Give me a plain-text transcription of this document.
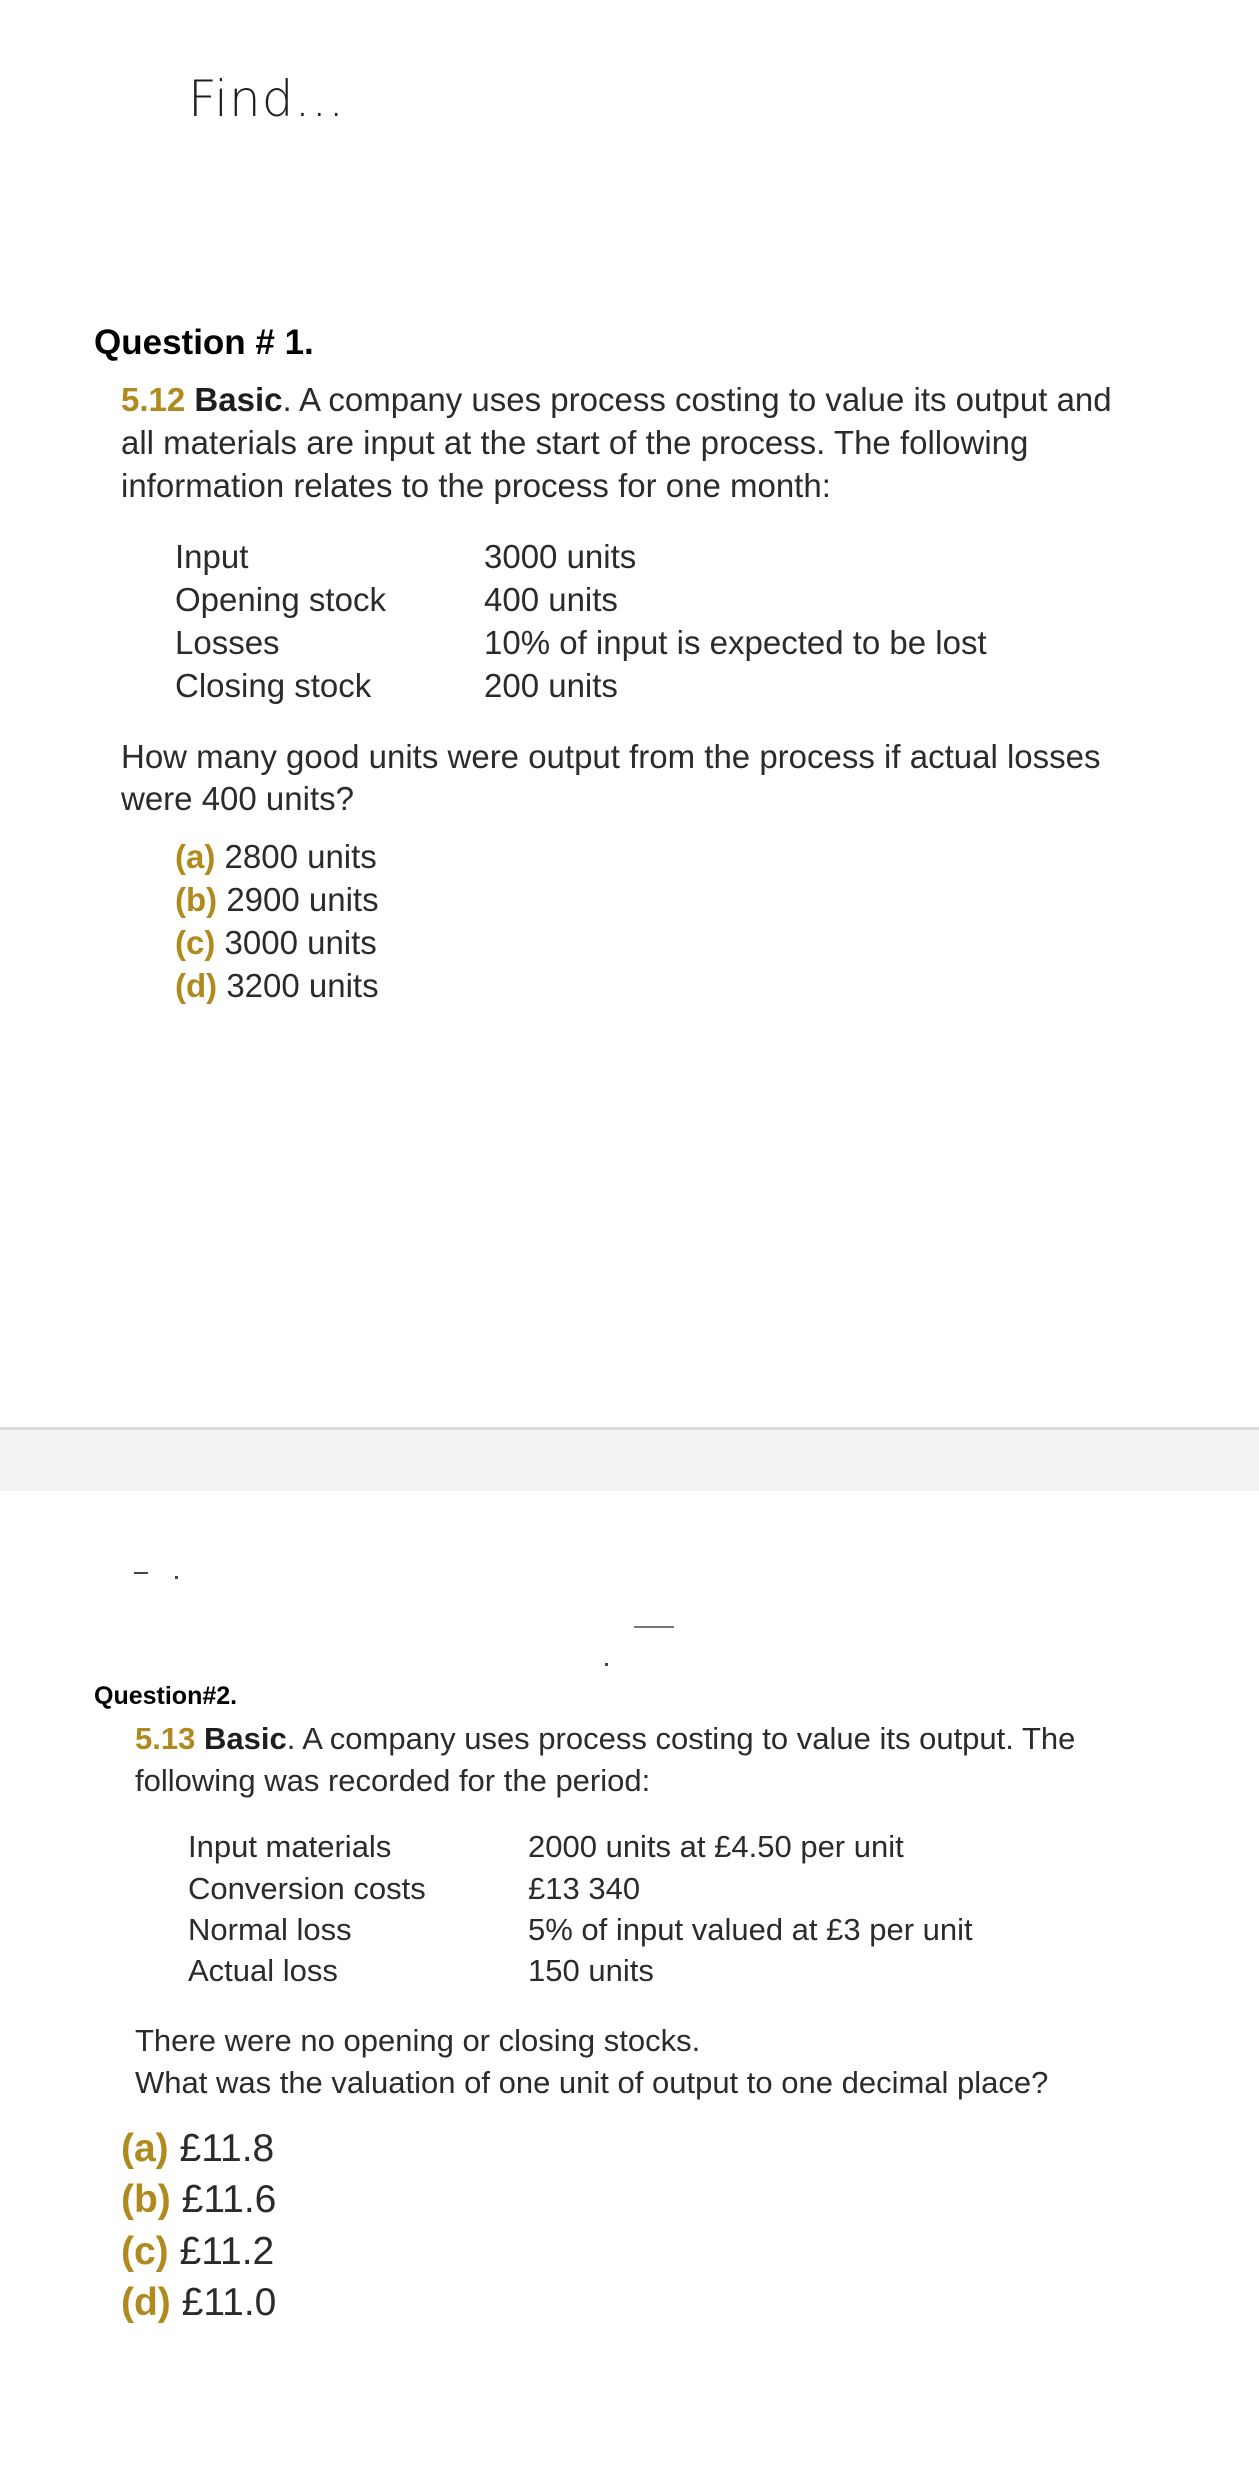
Find...
Question # 1.
5.12 Basic. A company uses process costing to value its output and
all materials are input at the start of the process. The following
information relates to the process for one month:
Input	3000 units
Opening stock	400 units
Losses	10% of input is expected to be lost
Closing stock	200 units
How many good units were output from the process if actual losses
were 400 units?
(a) 2800 units
(b) 2900 units
(c) 3000 units
(d) 3200 units
Question#2.
5.13 Basic. A company uses process costing to value its output. The
following was recorded for the period:
Input materials	2000 units at £4.50 per unit
Conversion costs	£13 340
Normal loss	5% of input valued at £3 per unit
Actual loss	150 units
There were no opening or closing stocks.
What was the valuation of one unit of output to one decimal place?
(a) £11.8
(b) £11.6
(c) £11.2
(d) £11.0
